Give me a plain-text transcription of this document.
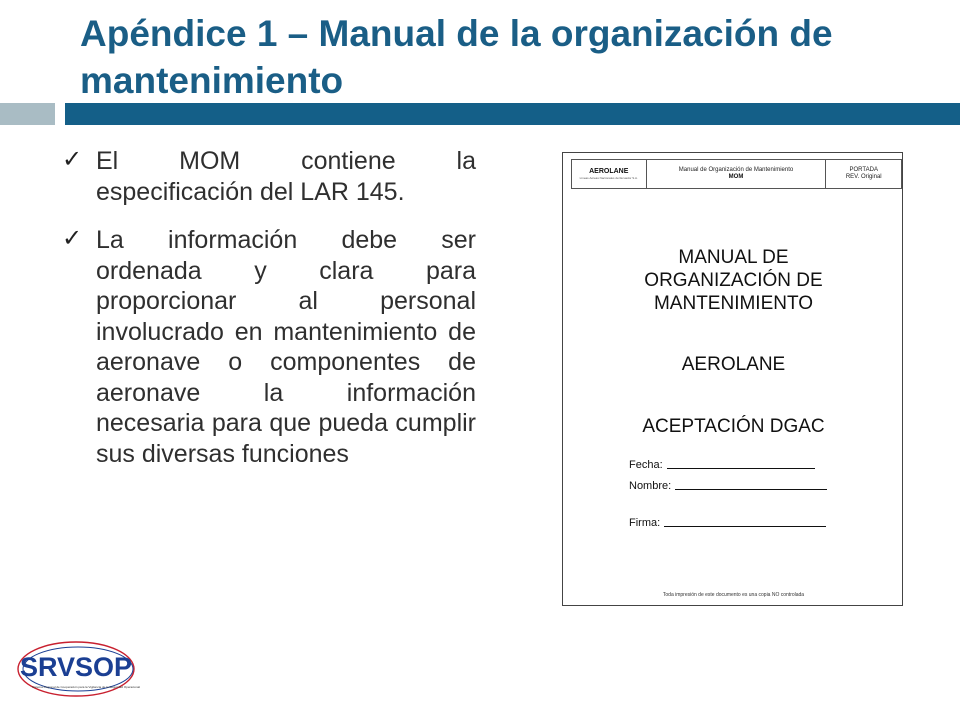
Apéndice 1 – Manual de la organización de mantenimiento
✓ El MOM contiene la especificación del LAR 145.
✓ La información debe ser ordenada y clara para proporcionar al personal involucrado en mantenimiento de aeronave o componentes de aeronave la información necesaria para que pueda cumplir sus diversas funciones
AEROLANE
Líneas Aéreas Nacionales del Ecuador S.A.
Manual de Organización de Mantenimiento
MOM
PORTADA
REV. Original
MANUAL DE
ORGANIZACIÓN DE
MANTENIMIENTO
AEROLANE
ACEPTACIÓN DGAC
Fecha:
Nombre:
Firma:
Toda impresión de este documento es una copia NO controlada
SRVSOP
Sistema Regional de Cooperación para la Vigilancia de la Seguridad Operacional
